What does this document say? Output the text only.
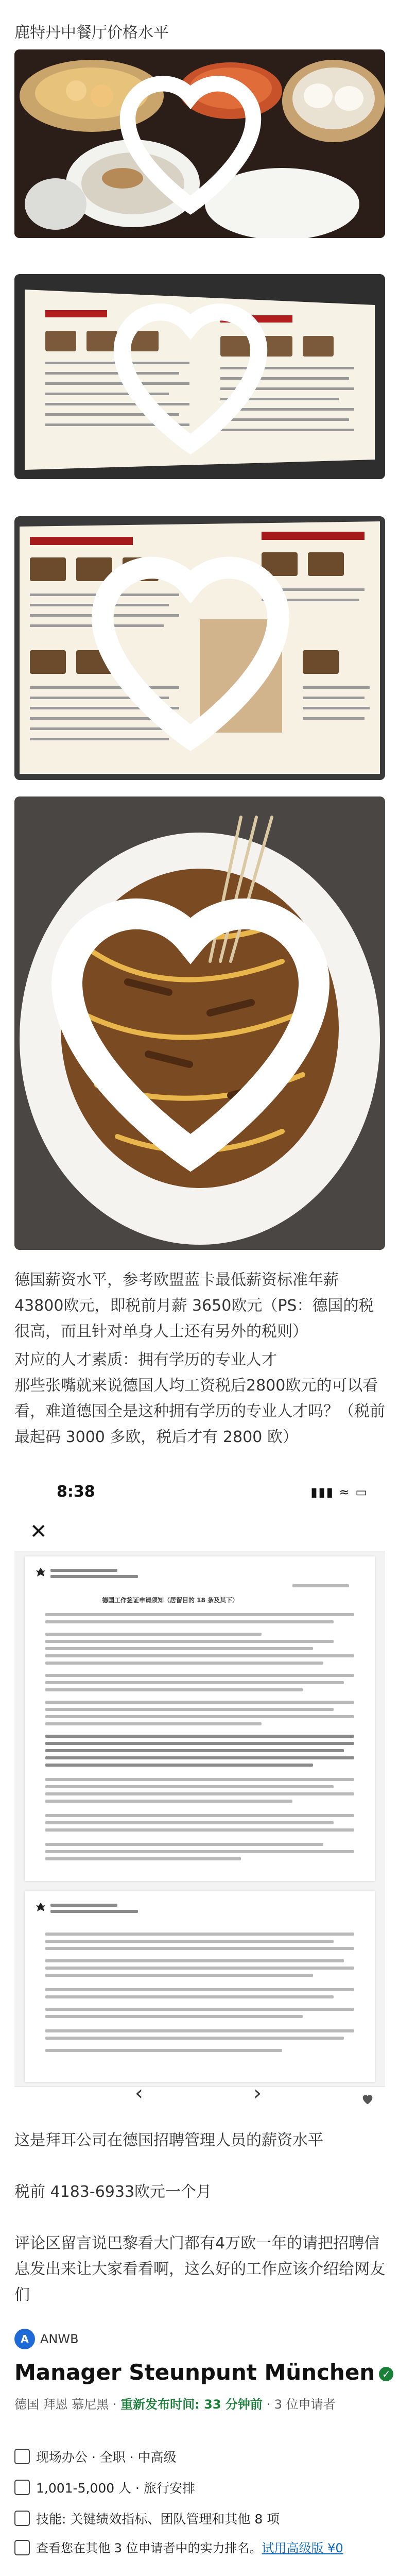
鹿特丹中餐厅价格水平
德国薪资水平，参考欧盟蓝卡最低薪资标准年薪43800欧元，即税前月薪 3650欧元（PS：德国的税很高，而且针对单身人士还有另外的税则）
对应的人才素质：拥有学历的专业人才
那些张嘴就来说德国人均工资税后2800欧元的可以看看，难道德国全是这种拥有学历的专业人才吗？（税前最起码 3000 多欧，税后才有 2800 欧）
8:38	▮▮▮ ≈ ▭
✕
德国工作签证申请须知（居留目的 18 条及其下）
‹	›
这是拜耳公司在德国招聘管理人员的薪资水平
税前 4183-6933欧元一个月
评论区留言说巴黎看大门都有4万欧一年的请把招聘信息发出来让大家看看啊，这么好的工作应该介绍给网友们
A ANWB
Manager Steunpunt München ✓
德国 拜恩 慕尼黑 · 重新发布时间: 33 分钟前 · 3 位申请者
现场办公 · 全职 · 中高级
1,001-5,000 人 · 旅行安排
技能: 关键绩效指标、团队管理和其他 8 项
查看您在其他 3 位申请者中的实力排名。试用高级版 ¥0
